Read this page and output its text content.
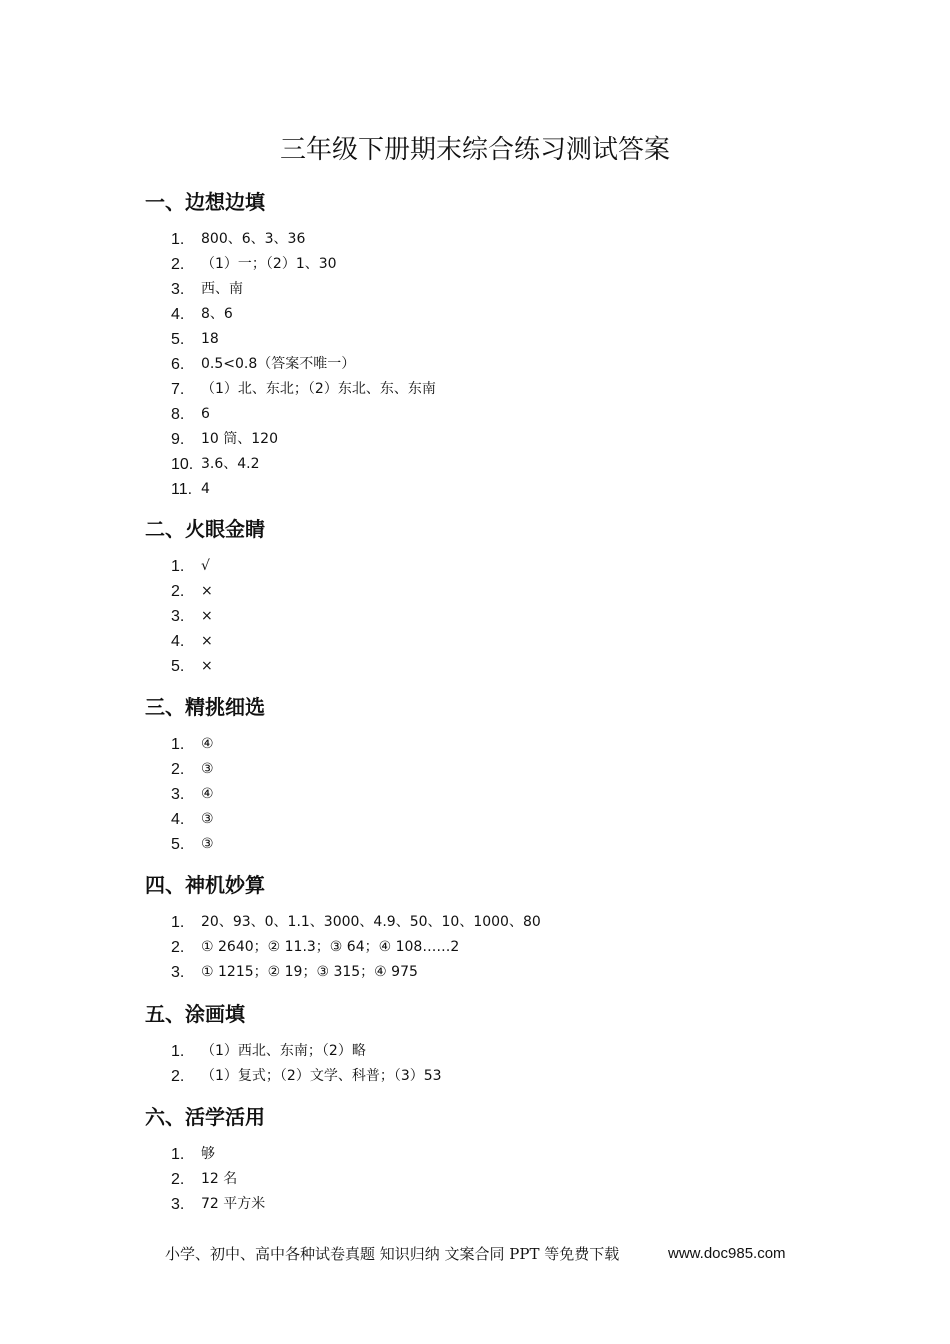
三年级下册期末综合练习测试答案
一、边想边填
1.	800、6、3、36
2.	（1）一；（2）1、30
3.	西、南
4.	8、6
5.	18
6.	0.5<0.8（答案不唯一）
7.	（1）北、东北；（2）东北、东、东南
8.	6
9.	10 筒、120
10. 3.6、4.2
11. 4
二、火眼金睛
1.	√
2.	×
3.	×
4.	×
5.	×
三、精挑细选
1.	④
2.	③
3.	④
4.	③
5.	③
四、神机妙算
1.	20、93、0、1.1、3000、4.9、50、10、1000、80
2.	① 2640；② 11.3；③ 64；④ 108……2
3.	① 1215；② 19；③ 315；④ 975
五、涂画填
1.	（1）西北、东南；（2）略
2.	（1）复式；（2）文学、科普；（3）53
六、活学活用
1.	够
2.	12 名
3.	72 平方米
小学、初中、高中各种试卷真题 知识归纳 文案合同 PPT 等免费下载	www.doc985.com
